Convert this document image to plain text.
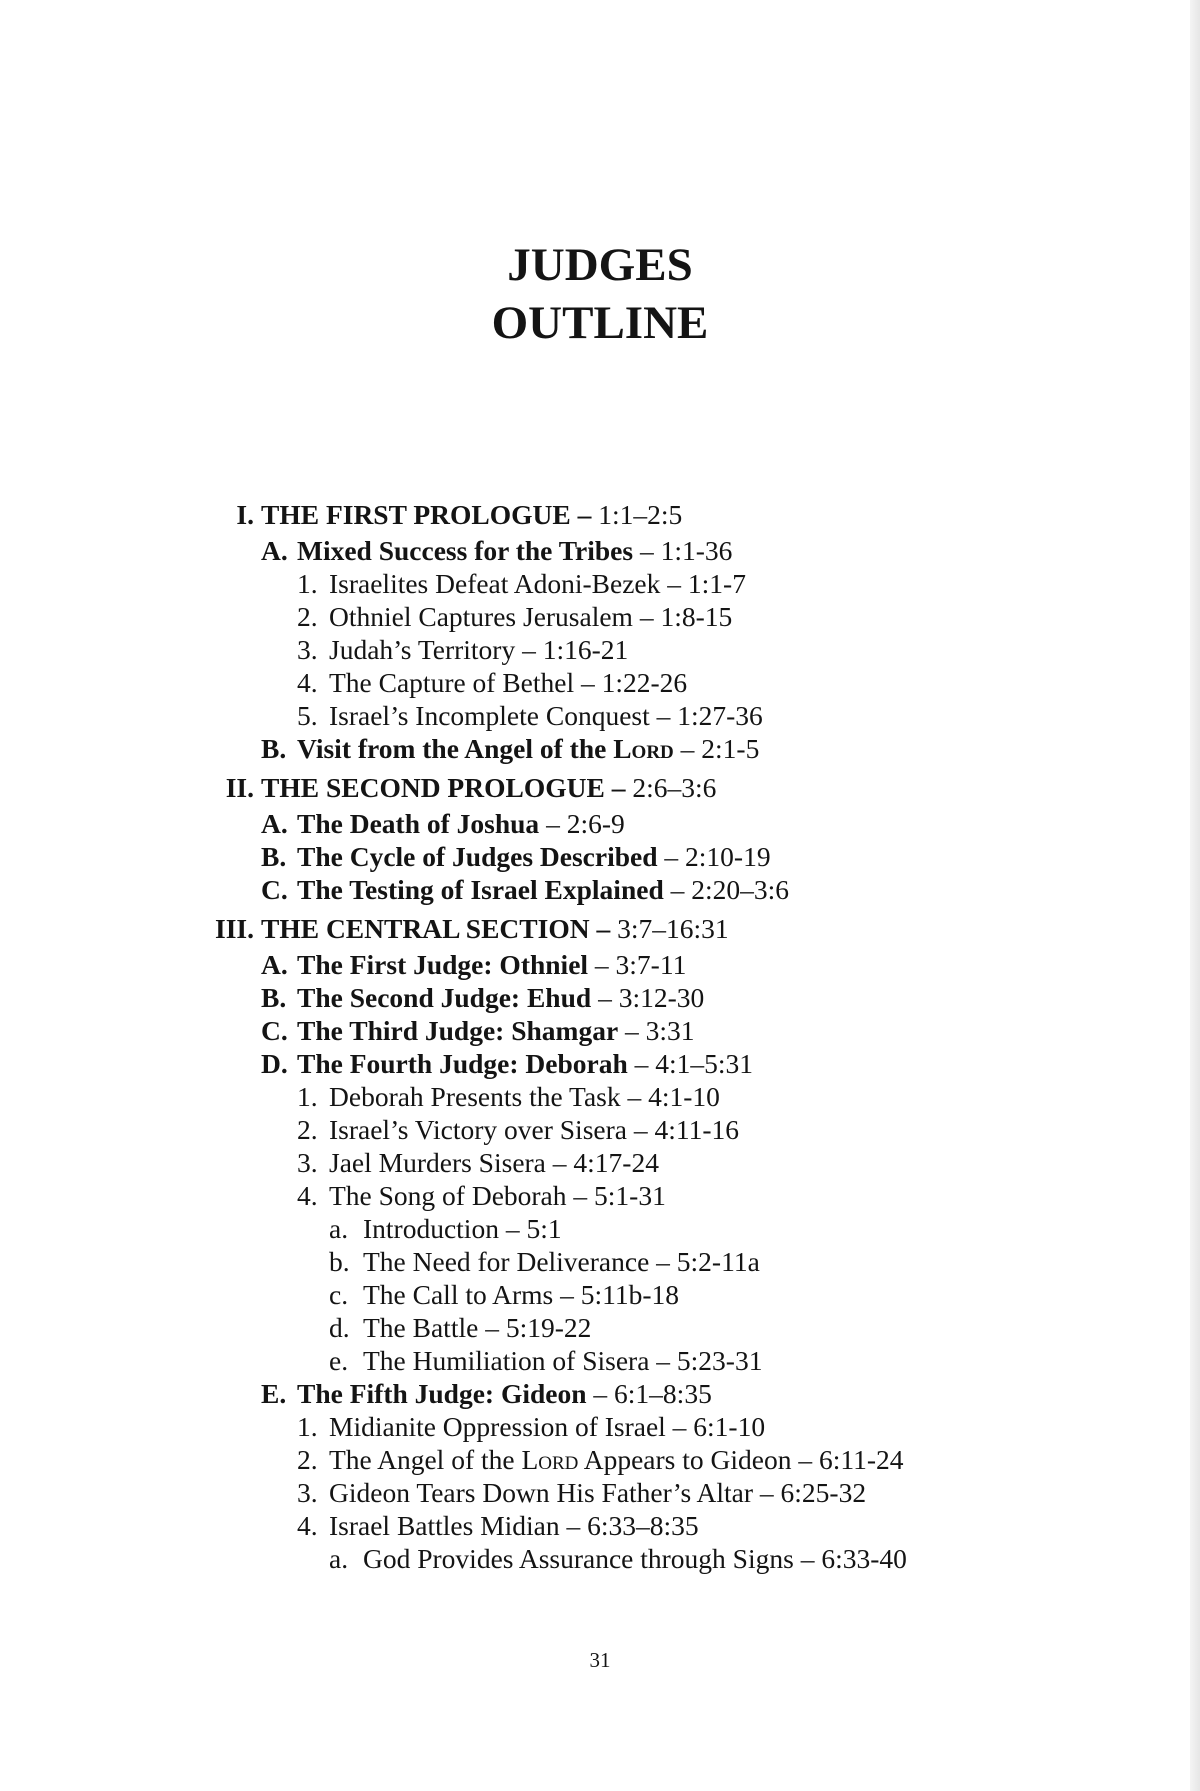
JUDGES
OUTLINE
I. THE FIRST PROLOGUE – 1:1–2:5
A. Mixed Success for the Tribes – 1:1-36
1. Israelites Defeat Adoni-Bezek – 1:1-7
2. Othniel Captures Jerusalem – 1:8-15
3. Judah’s Territory – 1:16-21
4. The Capture of Bethel – 1:22-26
5. Israel’s Incomplete Conquest – 1:27-36
B. Visit from the Angel of the Lord – 2:1-5
II. THE SECOND PROLOGUE – 2:6–3:6
A. The Death of Joshua – 2:6-9
B. The Cycle of Judges Described – 2:10-19
C. The Testing of Israel Explained – 2:20–3:6
III. THE CENTRAL SECTION – 3:7–16:31
A. The First Judge: Othniel – 3:7-11
B. The Second Judge: Ehud – 3:12-30
C. The Third Judge: Shamgar – 3:31
D. The Fourth Judge: Deborah – 4:1–5:31
1. Deborah Presents the Task – 4:1-10
2. Israel’s Victory over Sisera – 4:11-16
3. Jael Murders Sisera – 4:17-24
4. The Song of Deborah – 5:1-31
a. Introduction – 5:1
b. The Need for Deliverance – 5:2-11a
c. The Call to Arms – 5:11b-18
d. The Battle – 5:19-22
e. The Humiliation of Sisera – 5:23-31
E. The Fifth Judge: Gideon – 6:1–8:35
1. Midianite Oppression of Israel – 6:1-10
2. The Angel of the Lord Appears to Gideon – 6:11-24
3. Gideon Tears Down His Father’s Altar – 6:25-32
4. Israel Battles Midian – 6:33–8:35
a. God Provides Assurance through Signs – 6:33-40
31
